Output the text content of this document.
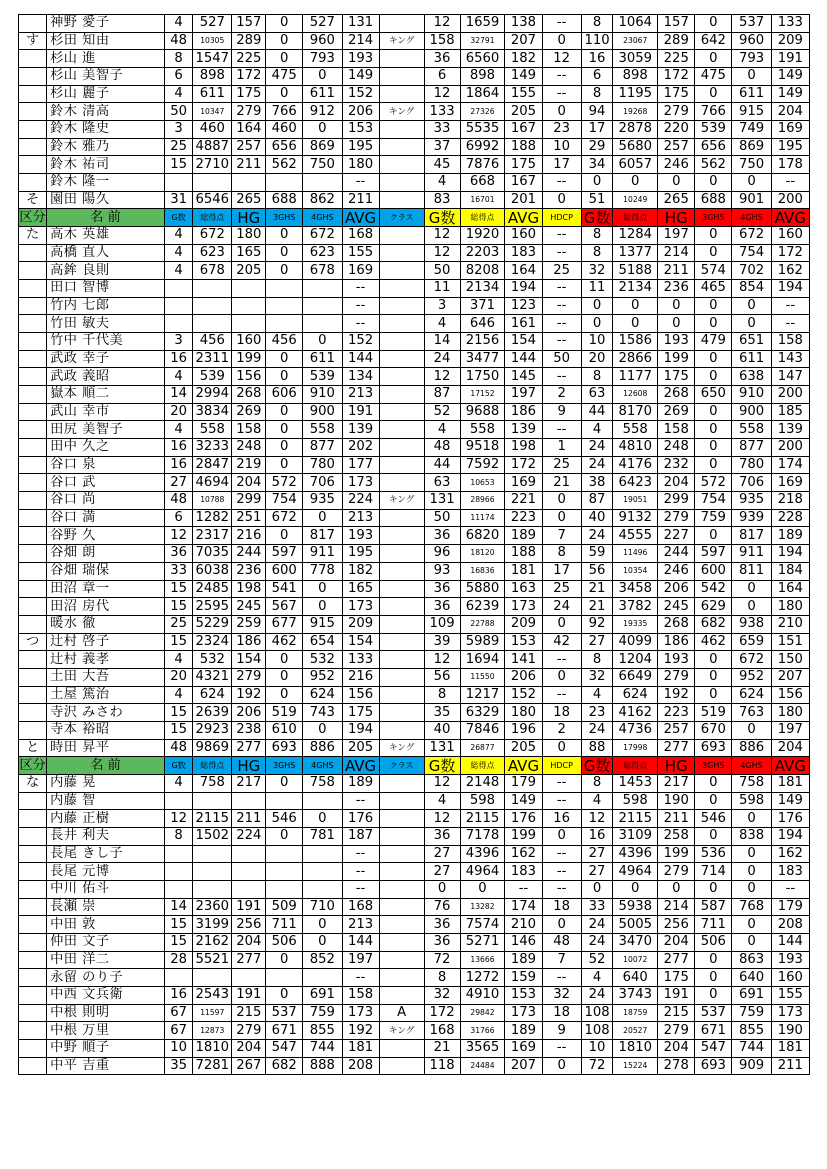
	神野 愛子	4	527	157	0	527	131		12	1659	138	--	8	1064	157	0	537	133
す	杉田 知由	48	10305	289	0	960	214	キング	158	32791	207	0	110	23067	289	642	960	209
	杉山 進	8	1547	225	0	793	193		36	6560	182	12	16	3059	225	0	793	191
	杉山 美智子	6	898	172	475	0	149		6	898	149	--	6	898	172	475	0	149
	杉山 麗子	4	611	175	0	611	152		12	1864	155	--	8	1195	175	0	611	149
	鈴木 清高	50	10347	279	766	912	206	キング	133	27326	205	0	94	19268	279	766	915	204
	鈴木 隆史	3	460	164	460	0	153		33	5535	167	23	17	2878	220	539	749	169
	鈴木 雅乃	25	4887	257	656	869	195		37	6992	188	10	29	5680	257	656	869	195
	鈴木 祐司	15	2710	211	562	750	180		45	7876	175	17	34	6057	246	562	750	178
	鈴木 隆一						--		4	668	167	--	0	0	0	0	0	--
そ	園田 陽久	31	6546	265	688	862	211		83	16701	201	0	51	10249	265	688	901	200
区分	名 前	G数	総得点	HG	3GHS	4GHS	AVG	クラス	G数	総得点	AVG	HDCP	G数	総得点	HG	3GHS	4GHS	AVG
た	高木 英雄	4	672	180	0	672	168		12	1920	160	--	8	1284	197	0	672	160
	高橋 直人	4	623	165	0	623	155		12	2203	183	--	8	1377	214	0	754	172
	高鉾 良則	4	678	205	0	678	169		50	8208	164	25	32	5188	211	574	702	162
	田口 智博						--		11	2134	194	--	11	2134	236	465	854	194
	竹内 七郎						--		3	371	123	--	0	0	0	0	0	--
	竹田 敏夫						--		4	646	161	--	0	0	0	0	0	--
	竹中 千代美	3	456	160	456	0	152		14	2156	154	--	10	1586	193	479	651	158
	武政 幸子	16	2311	199	0	611	144		24	3477	144	50	20	2866	199	0	611	143
	武政 義昭	4	539	156	0	539	134		12	1750	145	--	8	1177	175	0	638	147
	嶽本 順二	14	2994	268	606	910	213		87	17152	197	2	63	12608	268	650	910	200
	武山 幸市	20	3834	269	0	900	191		52	9688	186	9	44	8170	269	0	900	185
	田尻 美智子	4	558	158	0	558	139		4	558	139	--	4	558	158	0	558	139
	田中 久之	16	3233	248	0	877	202		48	9518	198	1	24	4810	248	0	877	200
	谷口 泉	16	2847	219	0	780	177		44	7592	172	25	24	4176	232	0	780	174
	谷口 武	27	4694	204	572	706	173		63	10653	169	21	38	6423	204	572	706	169
	谷口 尚	48	10788	299	754	935	224	キング	131	28966	221	0	87	19051	299	754	935	218
	谷口 満	6	1282	251	672	0	213		50	11174	223	0	40	9132	279	759	939	228
	谷野 久	12	2317	216	0	817	193		36	6820	189	7	24	4555	227	0	817	189
	谷畑 朗	36	7035	244	597	911	195		96	18120	188	8	59	11496	244	597	911	194
	谷畑 瑞保	33	6038	236	600	778	182		93	16836	181	17	56	10354	246	600	811	184
	田沼 章一	15	2485	198	541	0	165		36	5880	163	25	21	3458	206	542	0	164
	田沼 房代	15	2595	245	567	0	173		36	6239	173	24	21	3782	245	629	0	180
	暖水 徹	25	5229	259	677	915	209		109	22788	209	0	92	19335	268	682	938	210
つ	辻村 啓子	15	2324	186	462	654	154		39	5989	153	42	27	4099	186	462	659	151
	辻村 義孝	4	532	154	0	532	133		12	1694	141	--	8	1204	193	0	672	150
	土田 大吾	20	4321	279	0	952	216		56	11550	206	0	32	6649	279	0	952	207
	土屋 篤治	4	624	192	0	624	156		8	1217	152	--	4	624	192	0	624	156
	寺沢 みさわ	15	2639	206	519	743	175		35	6329	180	18	23	4162	223	519	763	180
	寺本 裕昭	15	2923	238	610	0	194		40	7846	196	2	24	4736	257	670	0	197
と	時田 昇平	48	9869	277	693	886	205	キング	131	26877	205	0	88	17998	277	693	886	204
区分	名 前	G数	総得点	HG	3GHS	4GHS	AVG	クラス	G数	総得点	AVG	HDCP	G数	総得点	HG	3GHS	4GHS	AVG
な	内藤 晃	4	758	217	0	758	189		12	2148	179	--	8	1453	217	0	758	181
	内藤 智						--		4	598	149	--	4	598	190	0	598	149
	内藤 正樹	12	2115	211	546	0	176		12	2115	176	16	12	2115	211	546	0	176
	長井 利夫	8	1502	224	0	781	187		36	7178	199	0	16	3109	258	0	838	194
	長尾 きし子						--		27	4396	162	--	27	4396	199	536	0	162
	長尾 元博						--		27	4964	183	--	27	4964	279	714	0	183
	中川 佑斗						--		0	0	--	--	0	0	0	0	0	--
	長瀬 崇	14	2360	191	509	710	168		76	13282	174	18	33	5938	214	587	768	179
	中田 敦	15	3199	256	711	0	213		36	7574	210	0	24	5005	256	711	0	208
	仲田 文子	15	2162	204	506	0	144		36	5271	146	48	24	3470	204	506	0	144
	中田 洋二	28	5521	277	0	852	197		72	13666	189	7	52	10072	277	0	863	193
	永留 のり子						--		8	1272	159	--	4	640	175	0	640	160
	中西 文兵衛	16	2543	191	0	691	158		32	4910	153	32	24	3743	191	0	691	155
	中根 則明	67	11597	215	537	759	173	A	172	29842	173	18	108	18759	215	537	759	173
	中根 万里	67	12873	279	671	855	192	キング	168	31766	189	9	108	20527	279	671	855	190
	中野 順子	10	1810	204	547	744	181		21	3565	169	--	10	1810	204	547	744	181
	中平 吉重	35	7281	267	682	888	208		118	24484	207	0	72	15224	278	693	909	211
